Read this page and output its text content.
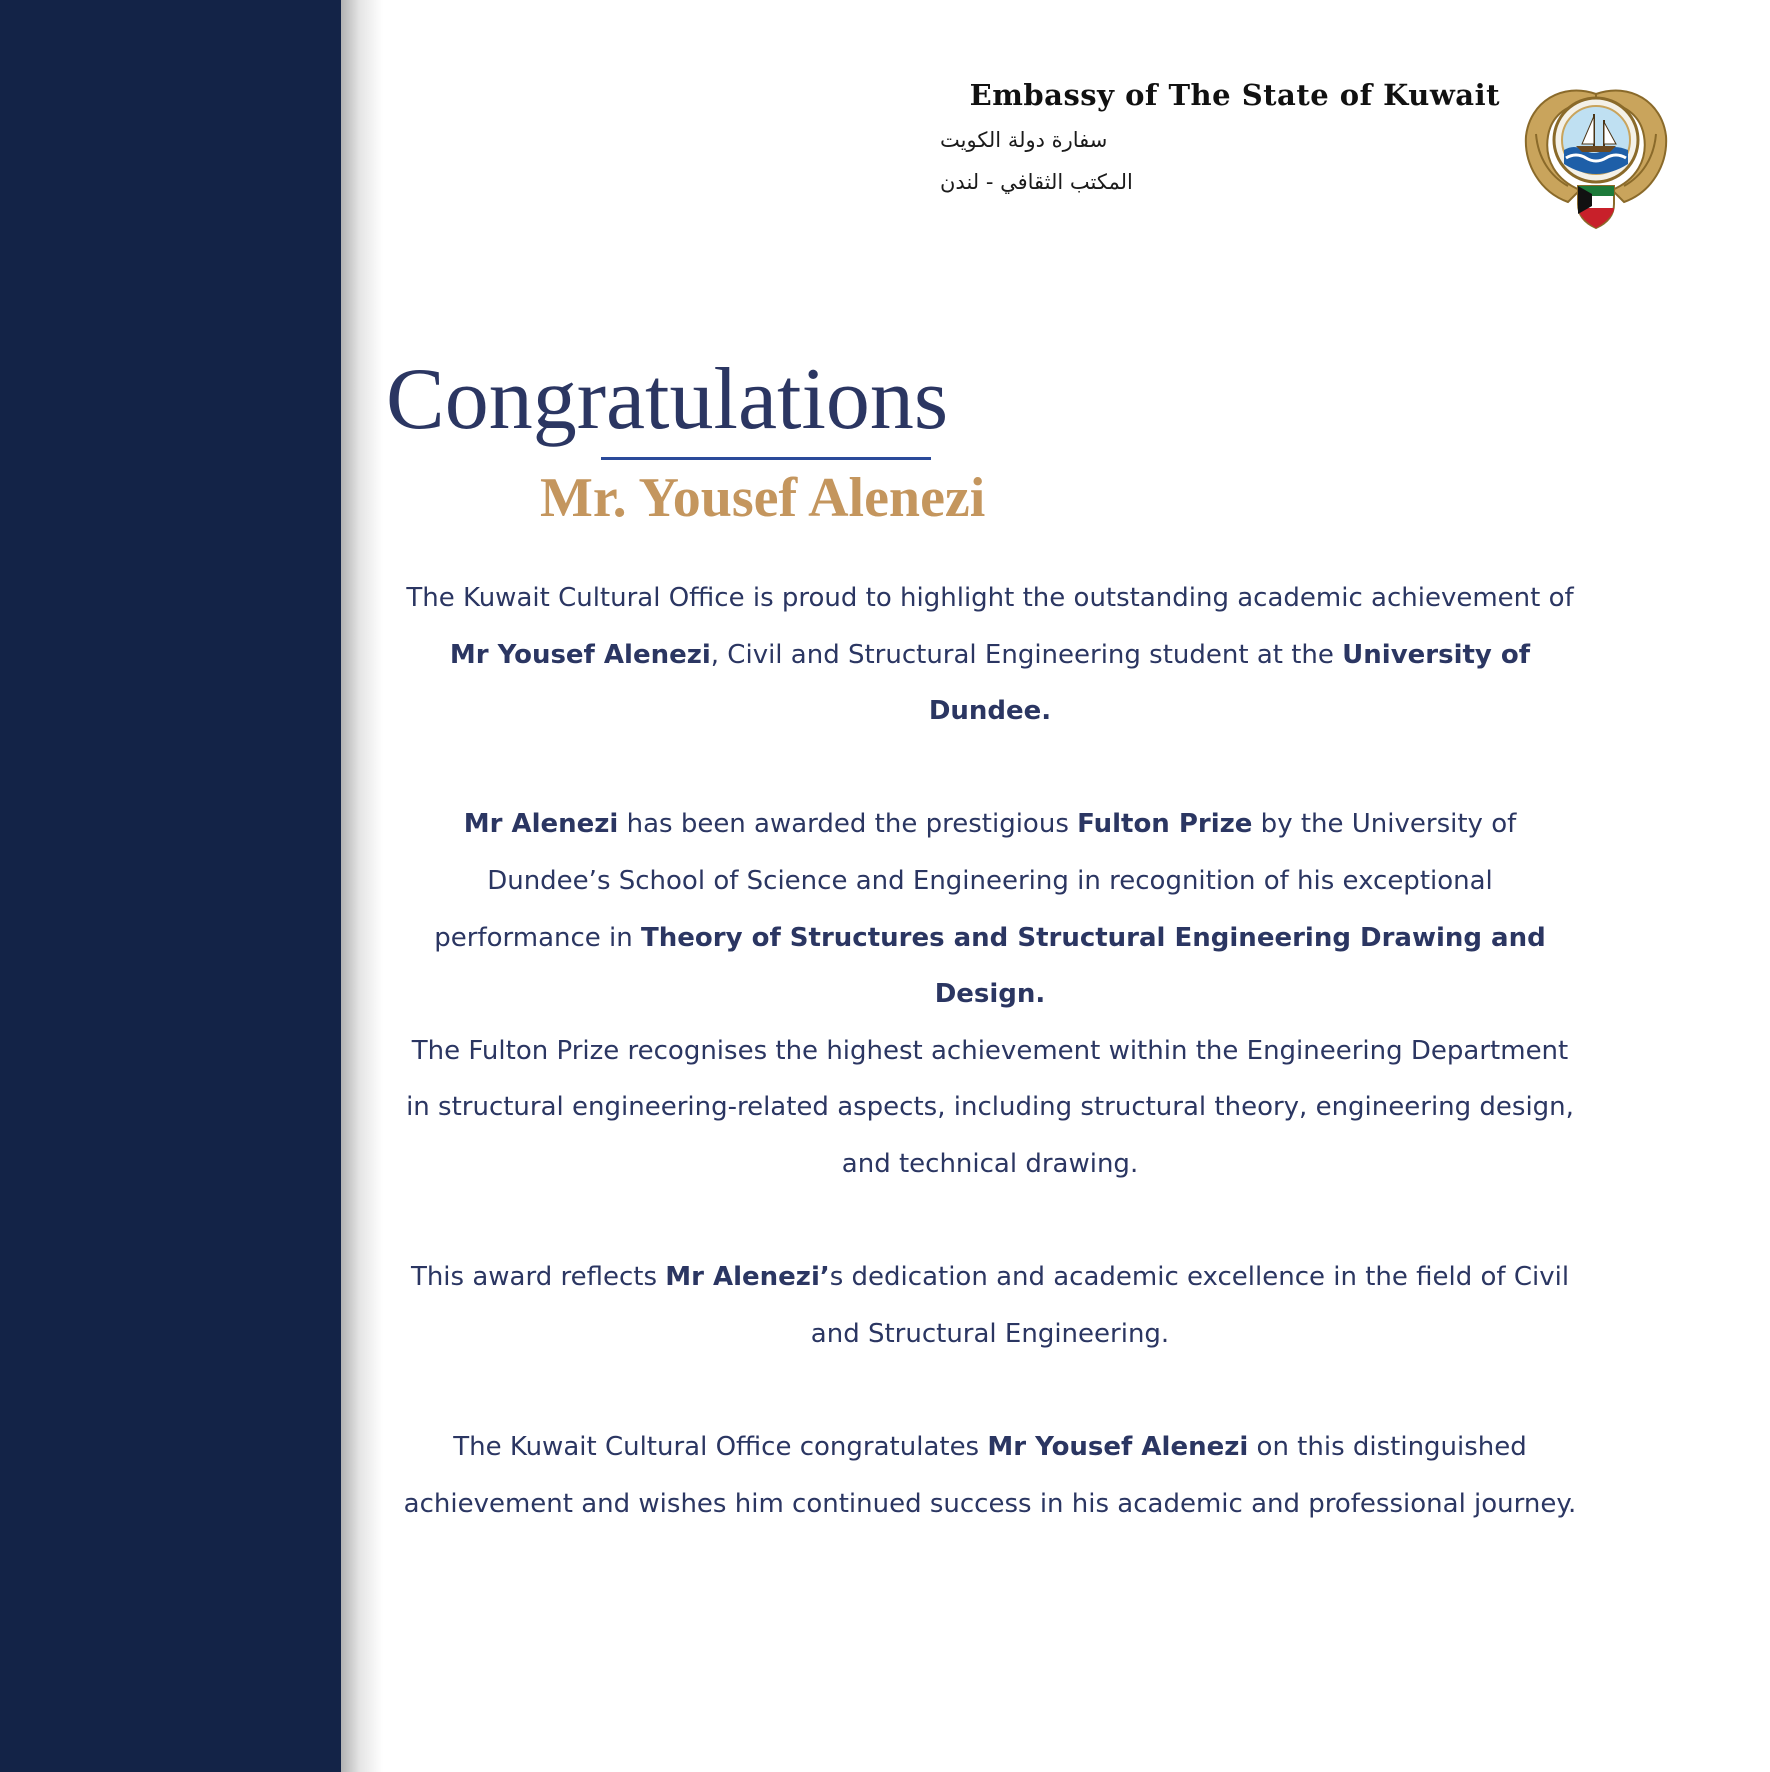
Embassy of The State of Kuwait
سفارة دولة الكويت
المكتب الثقافي - لندن
Congratulations
Mr. Yousef Alenezi

The Kuwait Cultural Office is proud to highlight the outstanding academic achievement of Mr Yousef Alenezi, Civil and Structural Engineering student at the University of Dundee.

Mr Alenezi has been awarded the prestigious Fulton Prize by the University of Dundee’s School of Science and Engineering in recognition of his exceptional performance in Theory of Structures and Structural Engineering Drawing and Design.

The Fulton Prize recognises the highest achievement within the Engineering Department in structural engineering-related aspects, including structural theory, engineering design, and technical drawing.

This award reflects Mr Alenezi’s dedication and academic excellence in the field of Civil and Structural Engineering.

The Kuwait Cultural Office congratulates Mr Yousef Alenezi on this distinguished achievement and wishes him continued success in his academic and professional journey.
